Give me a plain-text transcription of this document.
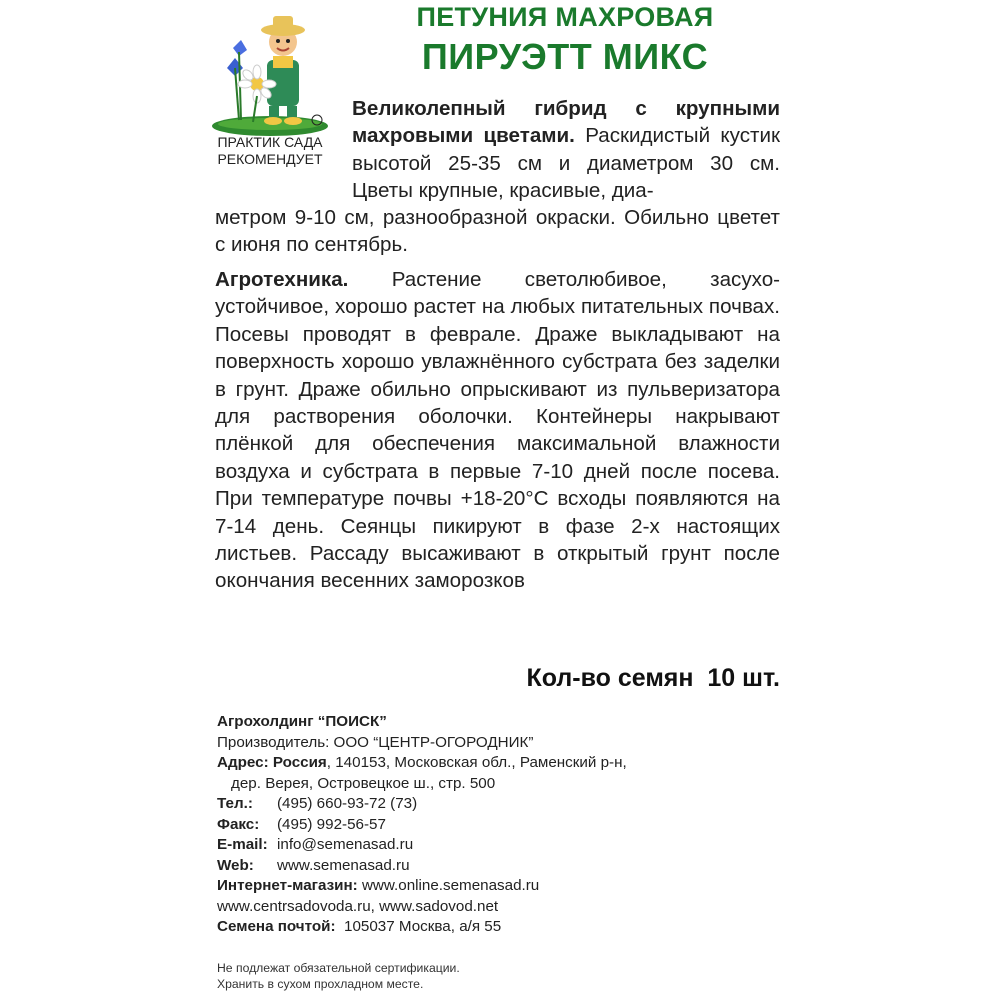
ПЕТУНИЯ МАХРОВАЯ
ПИРУЭТТ МИКС
ПРАКТИК САДА
РЕКОМЕНДУЕТ
Великолепный гибрид с крупными махровыми цветами. Раскидистый кустик высотой 25-35 см и диаметром 30 см. Цветы крупные, красивые, диа-
метром 9-10 см, разнообразной окраски. Обильно цветет с июня по сентябрь.
Агротехника. Растение светолюбивое, засухо-устойчивое, хорошо растет на любых питательных почвах. Посевы проводят в феврале. Драже выкладывают на поверхность хорошо увлажнённого субстрата без заделки в грунт. Драже обильно опрыскивают из пульверизатора для растворения оболочки. Контейнеры накрывают плёнкой для обеспечения максимальной влажности воздуха и субстрата в первые 7-10 дней после посева. При температуре почвы +18-20°С всходы появляются на 7-14 день. Сеянцы пикируют в фазе 2-х настоящих листьев. Рассаду высаживают в открытый грунт после окончания весенних заморозков
Кол-во семян 10 шт.
Агрохолдинг “ПОИСК”
Производитель: ООО “ЦЕНТР-ОГОРОДНИК”
Адрес: Россия, 140153, Московская обл., Раменский р-н,
дер. Верея, Островецкое ш., стр. 500
Тел.: (495) 660-93-72 (73)
Факс: (495) 992-56-57
E-mail: info@semenasad.ru
Web: www.semenasad.ru
Интернет-магазин: www.online.semenasad.ru
www.centrsadovoda.ru, www.sadovod.net
Семена почтой: 105037 Москва, а/я 55
Не подлежат обязательной сертификации.
Хранить в сухом прохладном месте.
